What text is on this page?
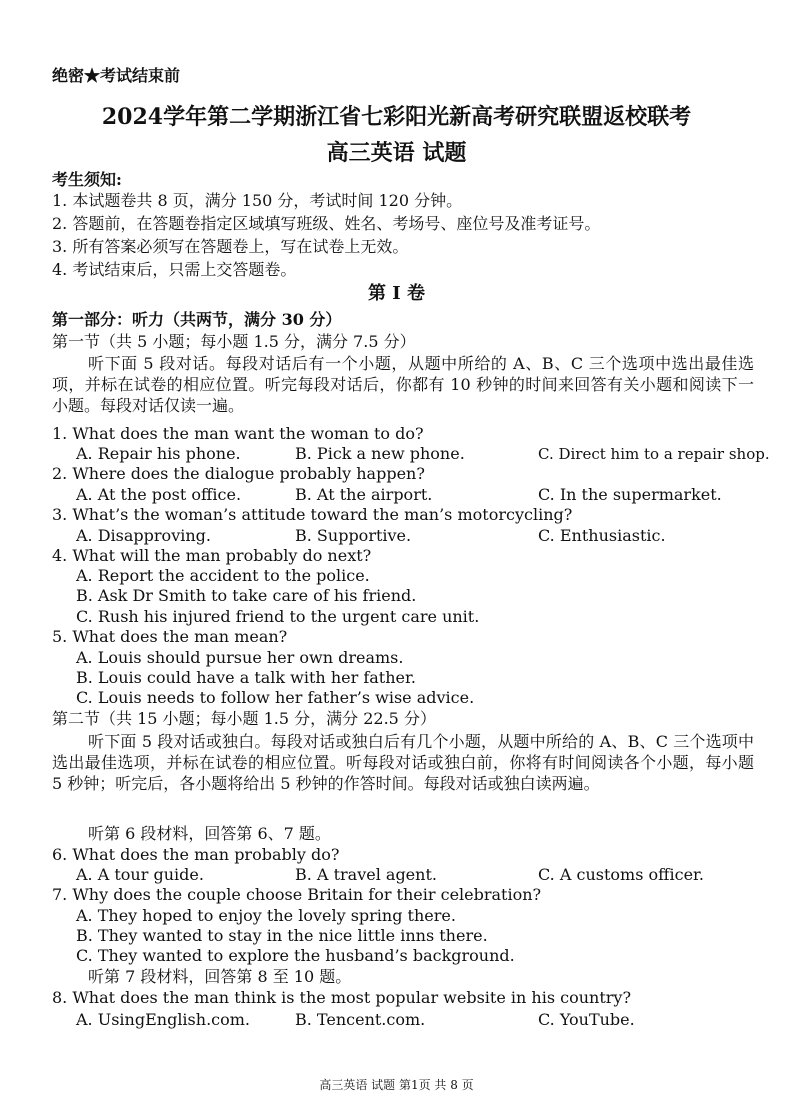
绝密★考试结束前
2024学年第二学期浙江省七彩阳光新高考研究联盟返校联考
高三英语 试题
考生须知:
1. 本试题卷共 8 页，满分 150 分，考试时间 120 分钟。
2. 答题前，在答题卷指定区域填写班级、姓名、考场号、座位号及准考证号。
3. 所有答案必须写在答题卷上，写在试卷上无效。
4. 考试结束后，只需上交答题卷。
第 I 卷
第一部分：听力（共两节，满分 30 分）
第一节（共 5 小题；每小题 1.5 分，满分 7.5 分）
听下面 5 段对话。每段对话后有一个小题，从题中所给的 A、B、C 三个选项中选出最佳选项，并标在试卷的相应位置。听完每段对话后，你都有 10 秒钟的时间来回答有关小题和阅读下一小题。每段对话仅读一遍。
1. What does the man want the woman to do?
A. Repair his phone.	B. Pick a new phone.	C. Direct him to a repair shop.
2. Where does the dialogue probably happen?
A. At the post office.	B. At the airport.	C. In the supermarket.
3. What’s the woman’s attitude toward the man’s motorcycling?
A. Disapproving.	B. Supportive.	C. Enthusiastic.
4. What will the man probably do next?
A. Report the accident to the police.
B. Ask Dr Smith to take care of his friend.
C. Rush his injured friend to the urgent care unit.
5. What does the man mean?
A. Louis should pursue her own dreams.
B. Louis could have a talk with her father.
C. Louis needs to follow her father’s wise advice.
第二节（共 15 小题；每小题 1.5 分，满分 22.5 分）
听下面 5 段对话或独白。每段对话或独白后有几个小题，从题中所给的 A、B、C 三个选项中选出最佳选项，并标在试卷的相应位置。听每段对话或独白前，你将有时间阅读各个小题，每小题 5 秒钟；听完后，各小题将给出 5 秒钟的作答时间。每段对话或独白读两遍。
听第 6 段材料，回答第 6、7 题。
6. What does the man probably do?
A. A tour guide.	B. A travel agent.	C. A customs officer.
7. Why does the couple choose Britain for their celebration?
A. They hoped to enjoy the lovely spring there.
B. They wanted to stay in the nice little inns there.
C. They wanted to explore the husband’s background.
听第 7 段材料，回答第 8 至 10 题。
8. What does the man think is the most popular website in his country?
A. UsingEnglish.com.	B. Tencent.com.	C. YouTube.
高三英语 试题 第1页 共 8 页
